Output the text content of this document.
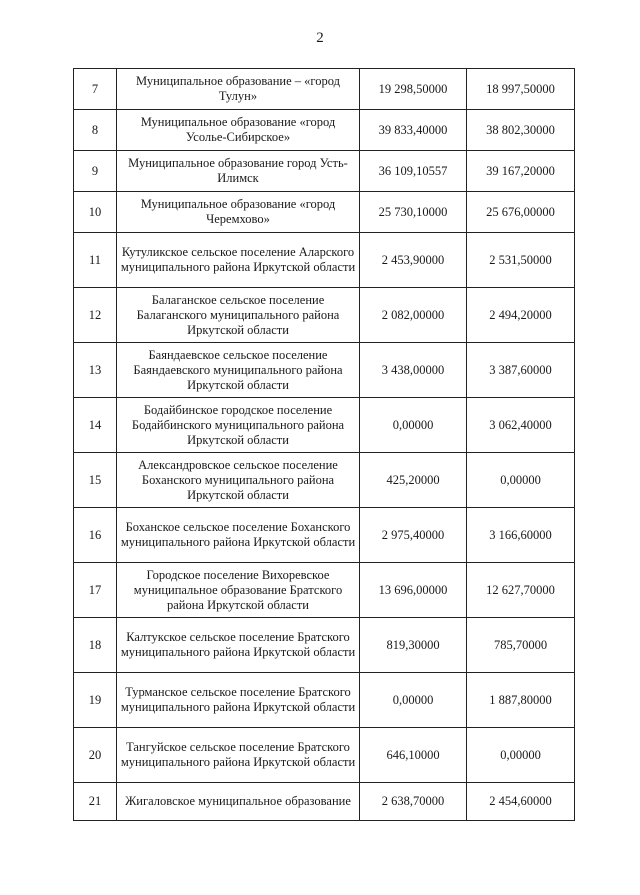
2
7	Муниципальное образование – «город Тулун»	19 298,50000	18 997,50000
8	Муниципальное образование «город Усолье-Сибирское»	39 833,40000	38 802,30000
9	Муниципальное образование город Усть-Илимск	36 109,10557	39 167,20000
10	Муниципальное образование «город Черемхово»	25 730,10000	25 676,00000
11	Кутуликское сельское поселение Аларского муниципального района Иркутской области	2 453,90000	2 531,50000
12	Балаганское сельское поселение Балаганского муниципального района Иркутской области	2 082,00000	2 494,20000
13	Баяндаевское сельское поселение Баяндаевского муниципального района Иркутской области	3 438,00000	3 387,60000
14	Бодайбинское городское поселение Бодайбинского муниципального района Иркутской области	0,00000	3 062,40000
15	Александровское сельское поселение Боханского муниципального района Иркутской области	425,20000	0,00000
16	Боханское сельское поселение Боханского муниципального района Иркутской области	2 975,40000	3 166,60000
17	Городское поселение Вихоревское муниципальное образование Братского района Иркутской области	13 696,00000	12 627,70000
18	Калтукское сельское поселение Братского муниципального района Иркутской области	819,30000	785,70000
19	Турманское сельское поселение Братского муниципального района Иркутской области	0,00000	1 887,80000
20	Тангуйское сельское поселение Братского муниципального района Иркутской области	646,10000	0,00000
21	Жигаловское муниципальное образование	2 638,70000	2 454,60000
